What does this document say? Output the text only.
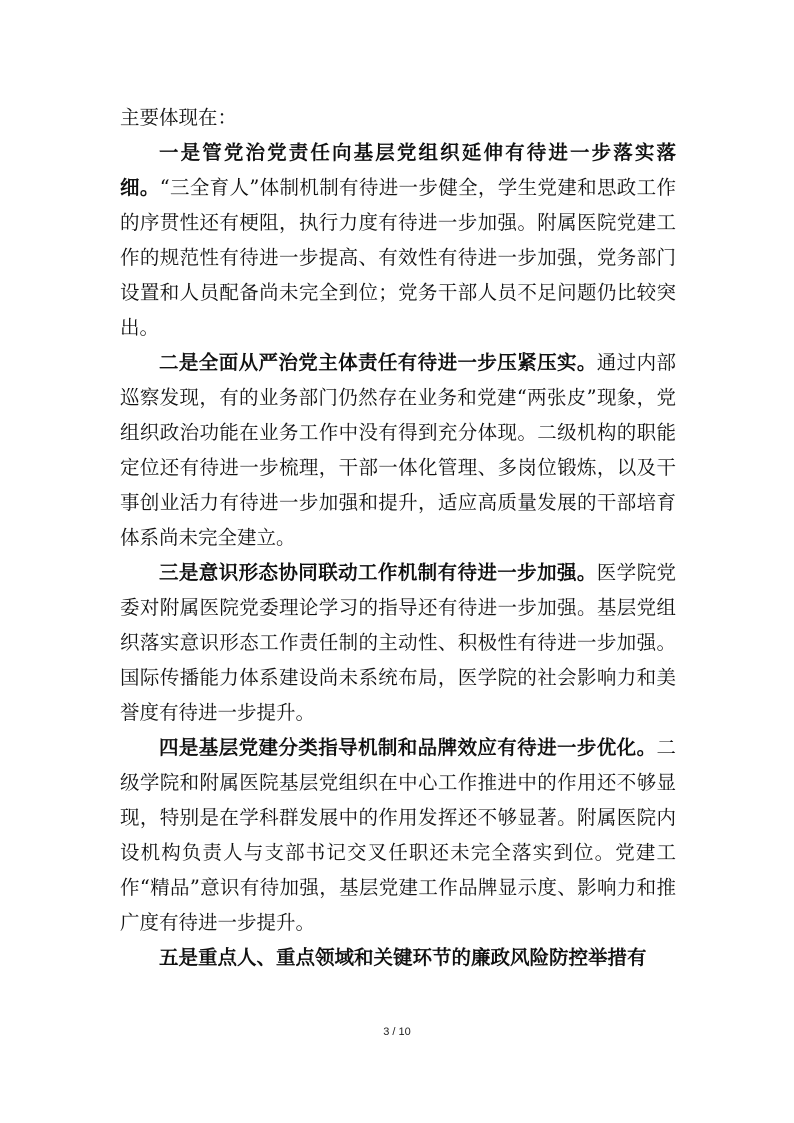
主要体现在：

一是管党治党责任向基层党组织延伸有待进一步落实落细。“三全育人”体制机制有待进一步健全，学生党建和思政工作的序贯性还有梗阻，执行力度有待进一步加强。附属医院党建工作的规范性有待进一步提高、有效性有待进一步加强，党务部门设置和人员配备尚未完全到位；党务干部人员不足问题仍比较突出。

二是全面从严治党主体责任有待进一步压紧压实。通过内部巡察发现，有的业务部门仍然存在业务和党建“两张皮”现象，党组织政治功能在业务工作中没有得到充分体现。二级机构的职能定位还有待进一步梳理，干部一体化管理、多岗位锻炼，以及干事创业活力有待进一步加强和提升，适应高质量发展的干部培育体系尚未完全建立。

三是意识形态协同联动工作机制有待进一步加强。医学院党委对附属医院党委理论学习的指导还有待进一步加强。基层党组织落实意识形态工作责任制的主动性、积极性有待进一步加强。国际传播能力体系建设尚未系统布局，医学院的社会影响力和美誉度有待进一步提升。

四是基层党建分类指导机制和品牌效应有待进一步优化。二级学院和附属医院基层党组织在中心工作推进中的作用还不够显现，特别是在学科群发展中的作用发挥还不够显著。附属医院内设机构负责人与支部书记交叉任职还未完全落实到位。党建工作“精品”意识有待加强，基层党建工作品牌显示度、影响力和推广度有待进一步提升。

五是重点人、重点领域和关键环节的廉政风险防控举措有

3 / 10
